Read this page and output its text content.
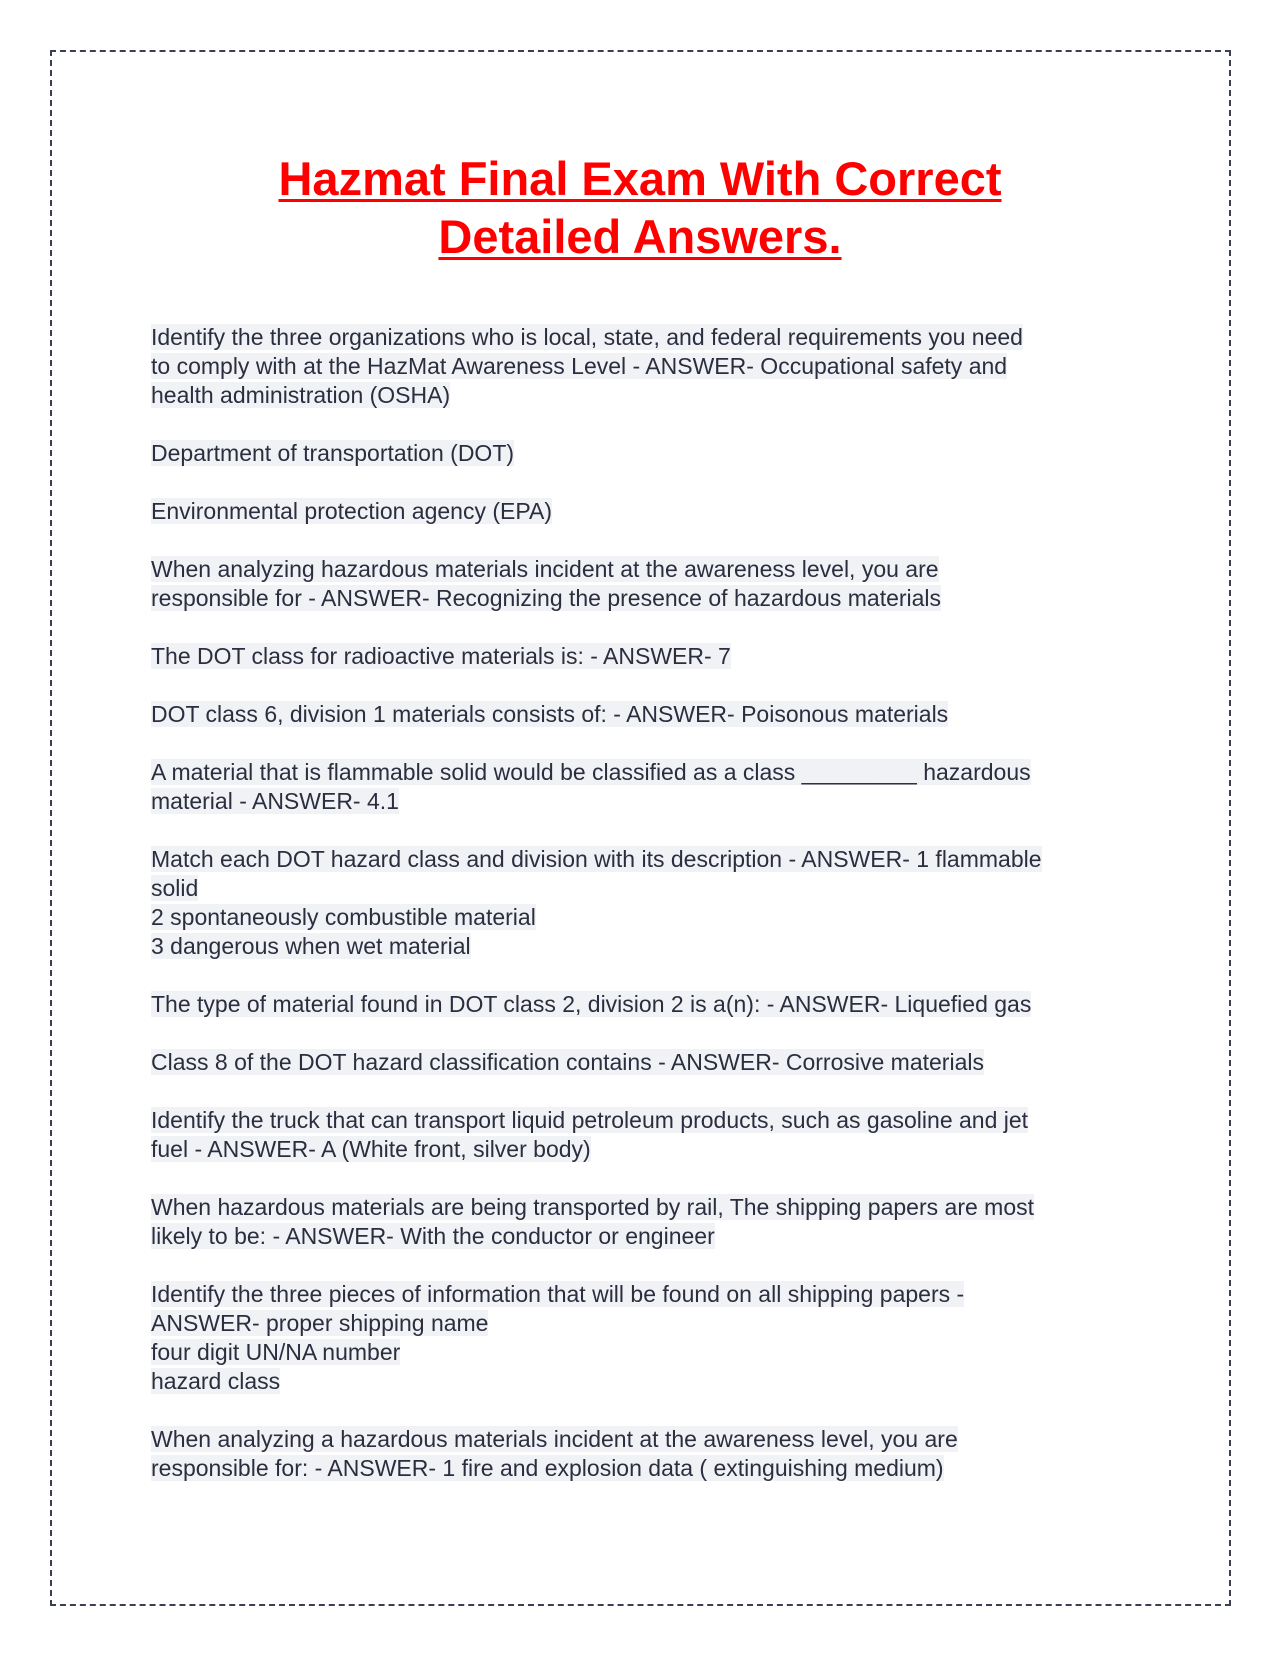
Hazmat Final Exam With Correct
Detailed Answers.

Identify the three organizations who is local, state, and federal requirements you need
to comply with at the HazMat Awareness Level - ANSWER- Occupational safety and
health administration (OSHA)

Department of transportation (DOT)

Environmental protection agency (EPA)

When analyzing hazardous materials incident at the awareness level, you are
responsible for - ANSWER- Recognizing the presence of hazardous materials

The DOT class for radioactive materials is: - ANSWER- 7

DOT class 6, division 1 materials consists of: - ANSWER- Poisonous materials

A material that is flammable solid would be classified as a class _________ hazardous
material - ANSWER- 4.1

Match each DOT hazard class and division with its description - ANSWER- 1 flammable
solid
2 spontaneously combustible material
3 dangerous when wet material

The type of material found in DOT class 2, division 2 is a(n): - ANSWER- Liquefied gas

Class 8 of the DOT hazard classification contains - ANSWER- Corrosive materials

Identify the truck that can transport liquid petroleum products, such as gasoline and jet
fuel - ANSWER- A (White front, silver body)

When hazardous materials are being transported by rail, The shipping papers are most
likely to be: - ANSWER- With the conductor or engineer

Identify the three pieces of information that will be found on all shipping papers -
ANSWER- proper shipping name
four digit UN/NA number
hazard class

When analyzing a hazardous materials incident at the awareness level, you are
responsible for: - ANSWER- 1 fire and explosion data ( extinguishing medium)
